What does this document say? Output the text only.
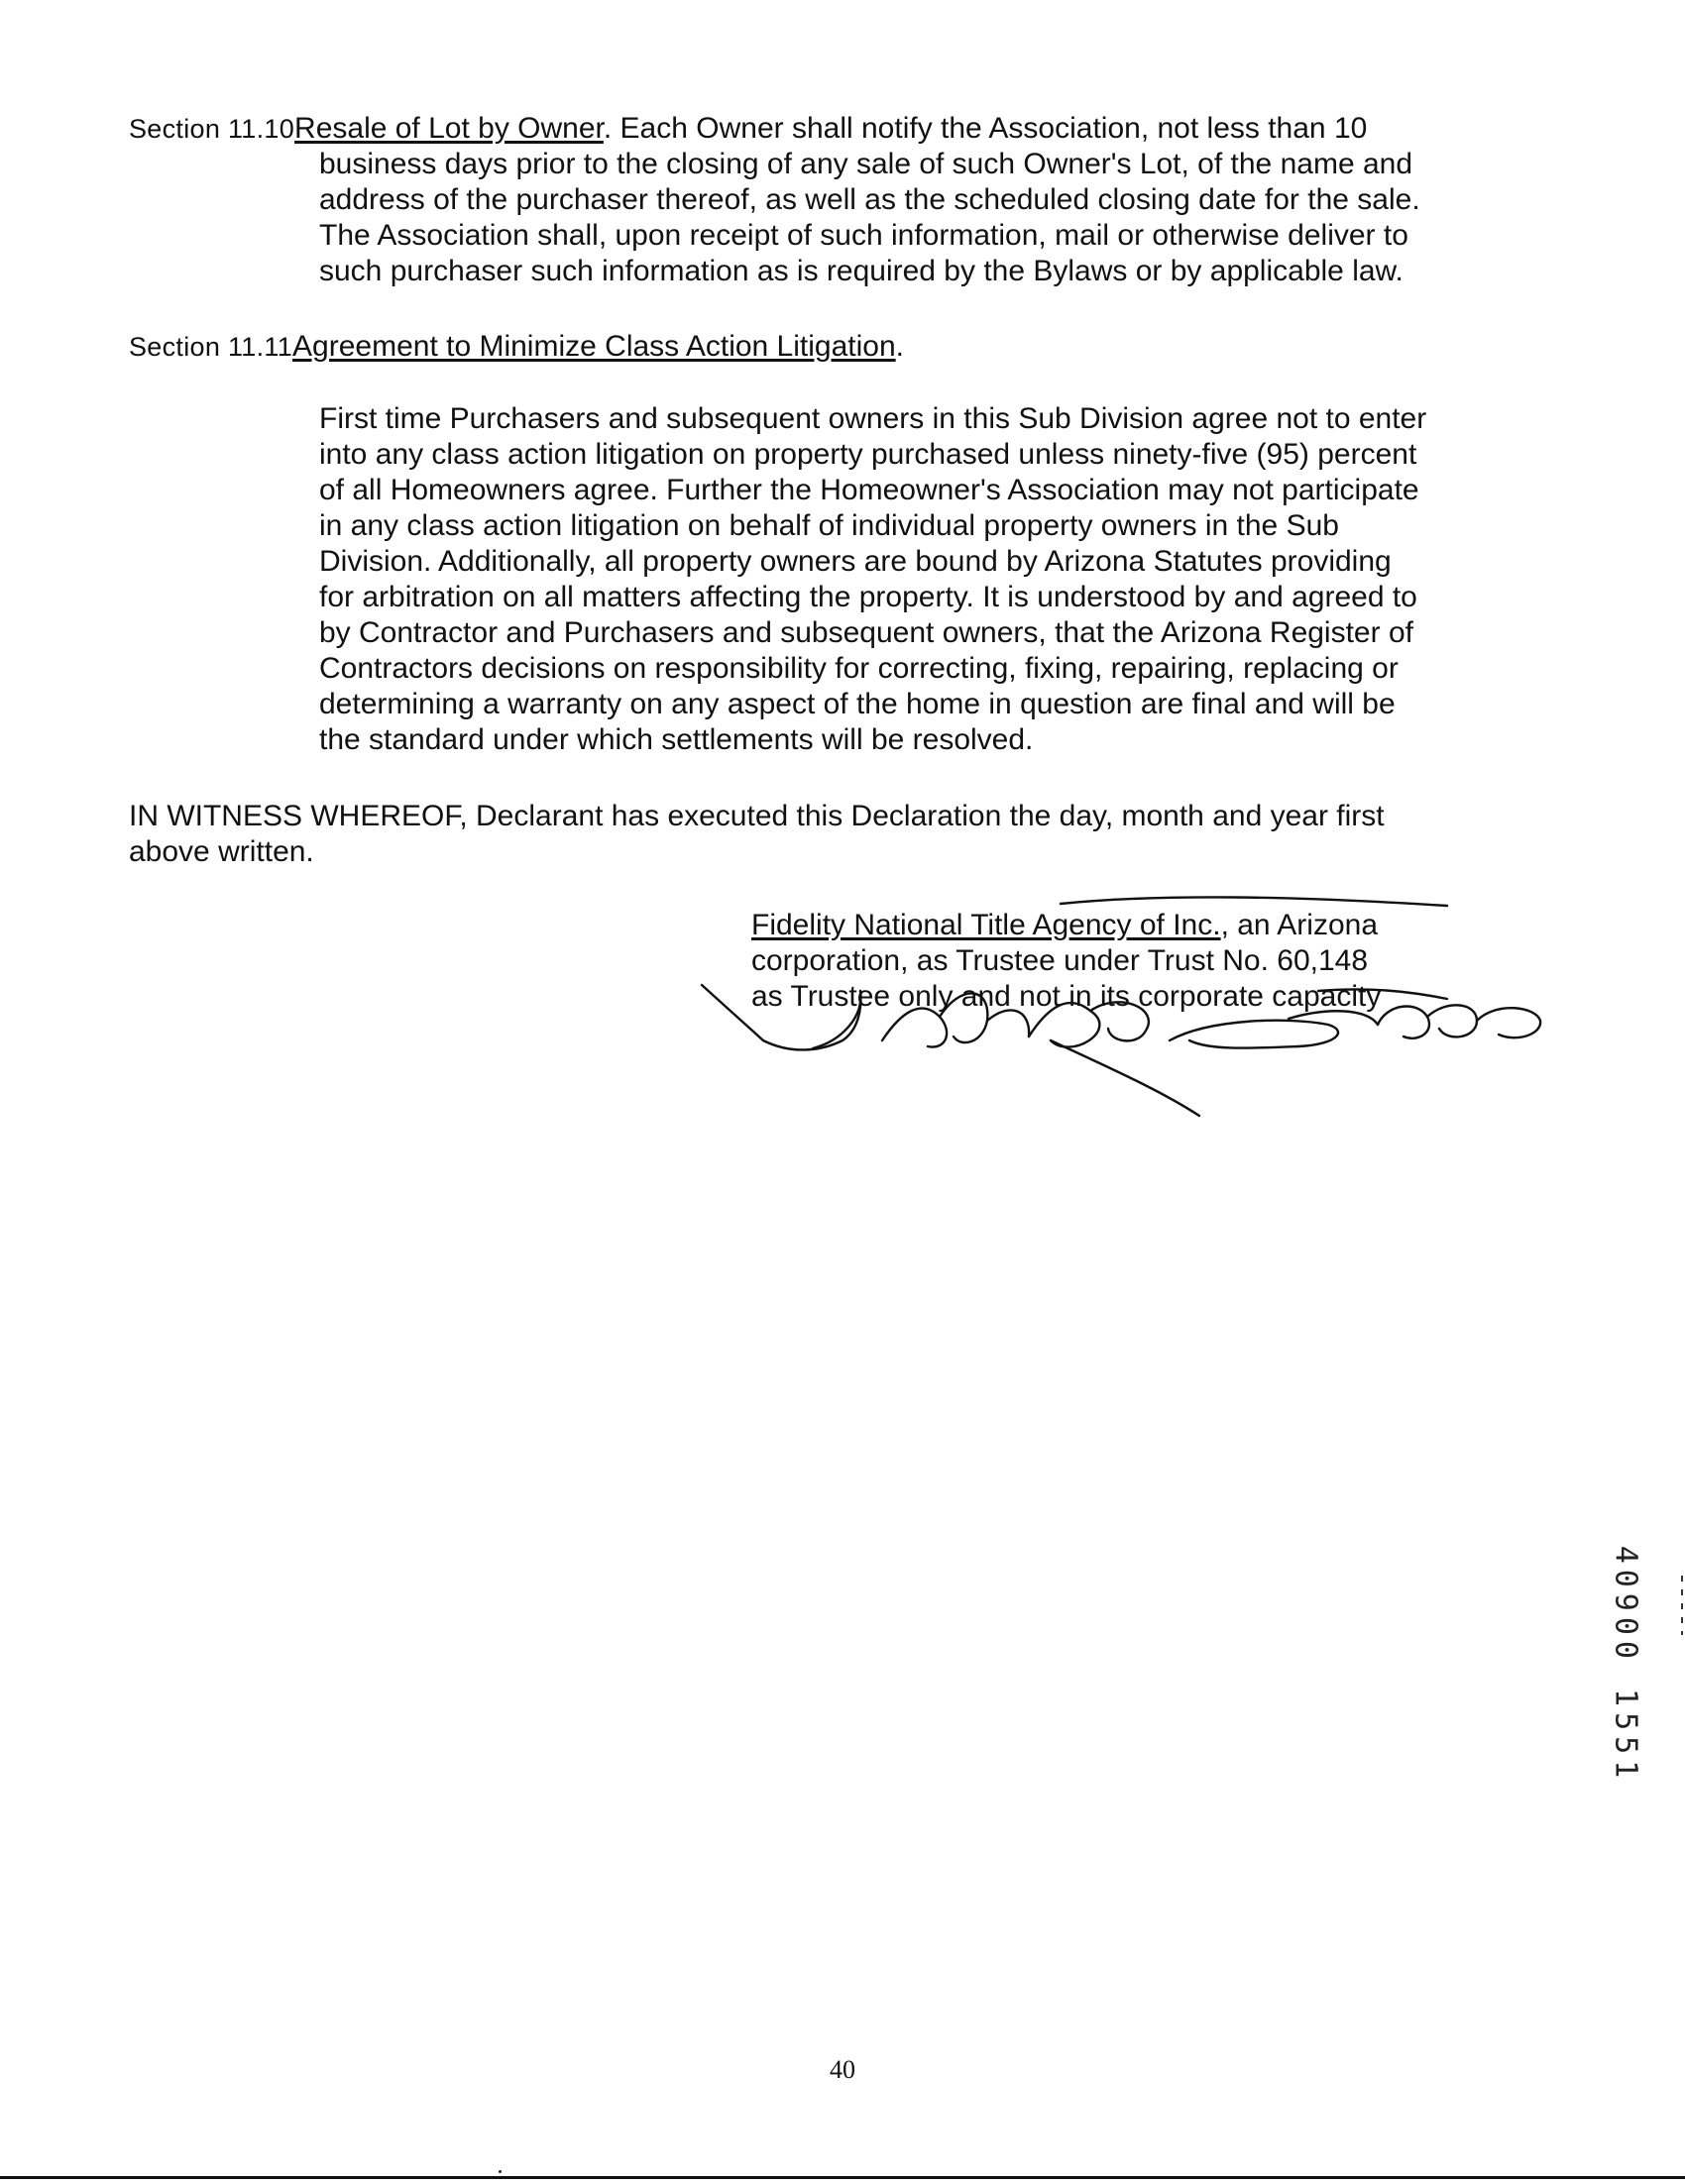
Section 11.10Resale of Lot by Owner. Each Owner shall notify the Association, not less than 10
business days prior to the closing of any sale of such Owner's Lot, of the name and
address of the purchaser thereof, as well as the scheduled closing date for the sale.
The Association shall, upon receipt of such information, mail or otherwise deliver to
such purchaser such information as is required by the Bylaws or by applicable law.
Section 11.11Agreement to Minimize Class Action Litigation.
First time Purchasers and subsequent owners in this Sub Division agree not to enter
into any class action litigation on property purchased unless ninety-five (95) percent
of all Homeowners agree. Further the Homeowner's Association may not participate
in any class action litigation on behalf of individual property owners in the Sub
Division. Additionally, all property owners are bound by Arizona Statutes providing
for arbitration on all matters affecting the property. It is understood by and agreed to
by Contractor and Purchasers and subsequent owners, that the Arizona Register of
Contractors decisions on responsibility for correcting, fixing, repairing, replacing or
determining a warranty on any aspect of the home in question are final and will be
the standard under which settlements will be resolved.
IN WITNESS WHEREOF, Declarant has executed this Declaration the day, month and year first
above written.
Fidelity National Title Agency of Inc., an Arizona
corporation, as Trustee under Trust No. 60,148
as Trustee only and not in its corporate capacity
40
40900 1551
